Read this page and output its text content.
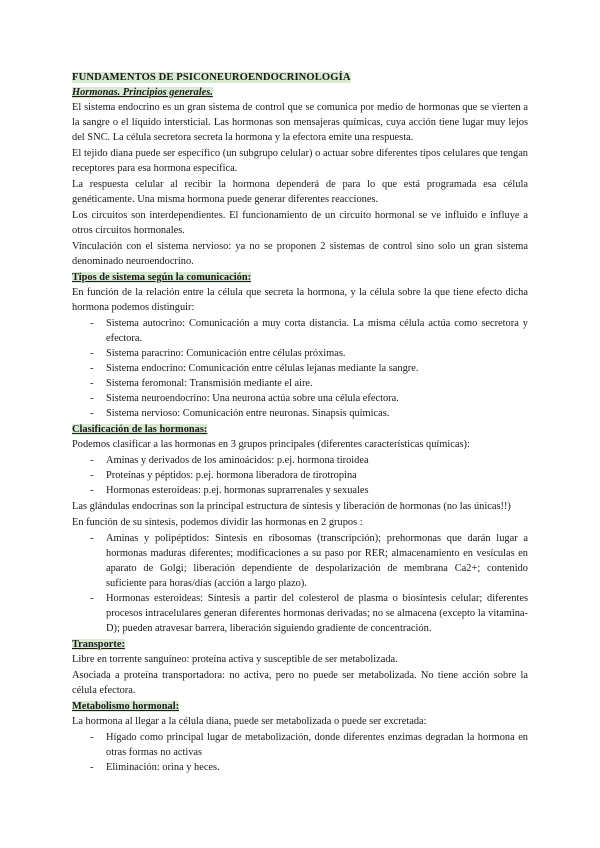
FUNDAMENTOS DE PSICONEUROENDOCRINOLOGÍA
Hormonas. Principios generales.

El sistema endocrino es un gran sistema de control que se comunica por medio de hormonas que se vierten a la sangre o el líquido intersticial. Las hormonas son mensajeras químicas, cuya acción tiene lugar muy lejos del SNC. La célula secretora secreta la hormona y la efectora emite una respuesta.

El tejido diana puede ser específico (un subgrupo celular) o actuar sobre diferentes tipos celulares que tengan receptores para esa hormona específica.

La respuesta celular al recibir la hormona dependerá de para lo que está programada esa célula genéticamente. Una misma hormona puede generar diferentes reacciones.

Los circuitos son interdependientes. El funcionamiento de un circuito hormonal se ve influido e influye a otros circuitos hormonales.

Vinculación con el sistema nervioso: ya no se proponen 2 sistemas de control sino solo un gran sistema denominado neuroendocrino.

Tipos de sistema según la comunicación:

En función de la relación entre la célula que secreta la hormona, y la célula sobre la que tiene efecto dicha hormona podemos distinguir:

- Sistema autocrino: Comunicación a muy corta distancia. La misma célula actúa como secretora y efectora.
- Sistema paracrino: Comunicación entre células próximas.
- Sistema endocrino: Comunicación entre células lejanas mediante la sangre.
- Sistema feromonal: Transmisión mediante el aire.
- Sistema neuroendocrino: Una neurona actúa sobre una célula efectora.
- Sistema nervioso: Comunicación entre neuronas. Sinapsis químicas.
Clasificación de las hormonas:

Podemos clasificar a las hormonas en 3 grupos principales (diferentes características químicas):

- Aminas y derivados de los aminoácidos: p.ej. hormona tiroidea
- Proteínas y péptidos: p.ej. hormona liberadora de tirotropina
- Hormonas esteroideas: p.ej. hormonas suprarrenales y sexuales

Las glándulas endocrinas son la principal estructura de síntesis y liberación de hormonas (no las únicas!!)

En función de su síntesis, podemos dividir las hormonas en 2 grupos :

- Aminas y polipéptidos: Síntesis en ribosomas (transcripción); prehormonas que darán lugar a hormonas maduras diferentes; modificaciones a su paso por RER; almacenamiento en vesículas en aparato de Golgi; liberación dependiente de despolarización de membrana Ca2+; contenido suficiente para horas/días (acción a largo plazo).
- Hormonas esteroideas: Síntesis a partir del colesterol de plasma o biosíntesis celular; diferentes procesos intracelulares generan diferentes hormonas derivadas; no se almacena (excepto la vitamina-D); pueden atravesar barrera, liberación siguiendo gradiente de concentración.
Transporte:

Libre en torrente sanguíneo: proteína activa y susceptible de ser metabolizada.

Asociada a proteína transportadora: no activa, pero no puede ser metabolizada. No tiene acción sobre la célula efectora.

Metabolismo hormonal:

La hormona al llegar a la célula diana, puede ser metabolizada o puede ser excretada:

- Hígado como principal lugar de metabolización, donde diferentes enzimas degradan la hormona en otras formas no activas
- Eliminación: orina y heces.
